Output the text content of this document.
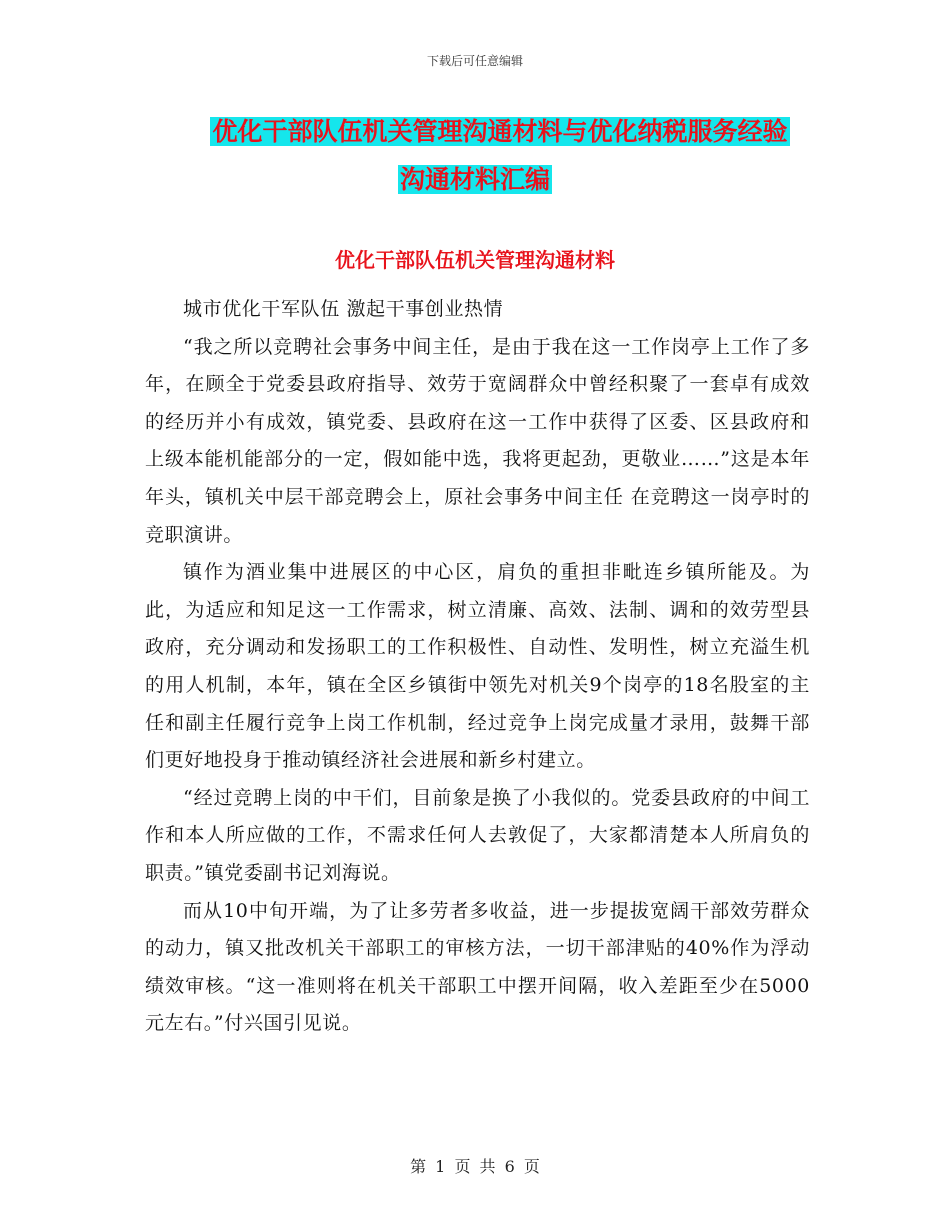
下载后可任意编辑
优化干部队伍机关管理沟通材料与优化纳税服务经验
沟通材料汇编
优化干部队伍机关管理沟通材料

城市优化干军队伍 激起干事创业热情

“我之所以竞聘社会事务中间主任，是由于我在这一工作岗亭上工作了多年，在顾全于党委县政府指导、效劳于宽阔群众中曾经积聚了一套卓有成效的经历并小有成效，镇党委、县政府在这一工作中获得了区委、区县政府和上级本能机能部分的一定，假如能中选，我将更起劲，更敬业……”这是本年年头，镇机关中层干部竞聘会上，原社会事务中间主任 在竞聘这一岗亭时的竞职演讲。

镇作为酒业集中进展区的中心区，肩负的重担非毗连乡镇所能及。为此，为适应和知足这一工作需求，树立清廉、高效、法制、调和的效劳型县政府，充分调动和发扬职工的工作积极性、自动性、发明性，树立充溢生机的用人机制，本年，镇在全区乡镇街中领先对机关9个岗亭的18名股室的主任和副主任履行竞争上岗工作机制，经过竞争上岗完成量才录用，鼓舞干部们更好地投身于推动镇经济社会进展和新乡村建立。

“经过竞聘上岗的中干们，目前象是换了小我似的。党委县政府的中间工作和本人所应做的工作，不需求任何人去敦促了，大家都清楚本人所肩负的职责。”镇党委副书记刘海说。

而从10中旬开端，为了让多劳者多收益，进一步提拔宽阔干部效劳群众的动力，镇又批改机关干部职工的审核方法，一切干部津贴的40%作为浮动绩效审核。“这一准则将在机关干部职工中摆开间隔，收入差距至少在5000元左右。”付兴国引见说。

第 1 页 共 6 页
